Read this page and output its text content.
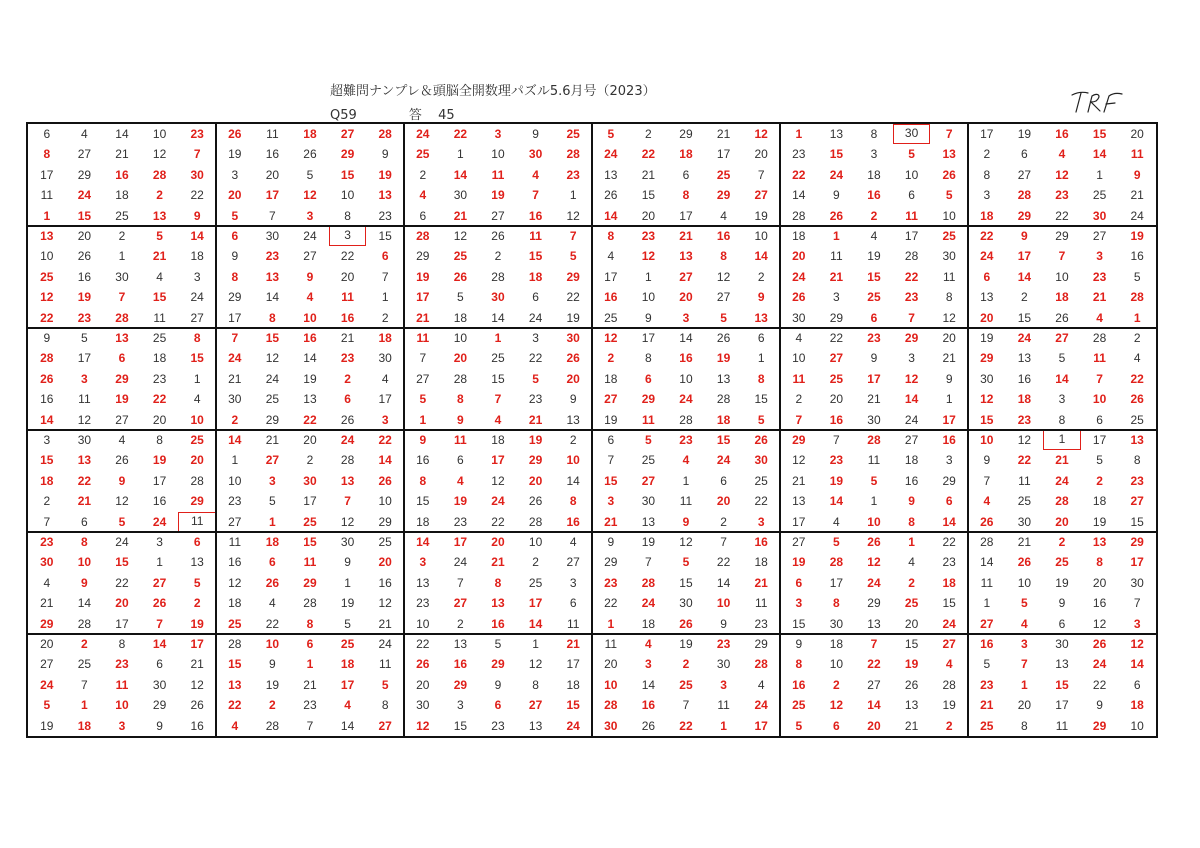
超難問ナンプレ＆頭脳全開数理パズル5.6月号（2023）
Q59	答 45
6	4	14	10	23	26	11	18	27	28	24	22	3	9	25	5	2	29	21	12	1	13	8	30	7	17	19	16	15	20
8	27	21	12	7	19	16	26	29	9	25	1	10	30	28	24	22	18	17	20	23	15	3	5	13	2	6	4	14	11
17	29	16	28	30	3	20	5	15	19	2	14	11	4	23	13	21	6	25	7	22	24	18	10	26	8	27	12	1	9
11	24	18	2	22	20	17	12	10	13	4	30	19	7	1	26	15	8	29	27	14	9	16	6	5	3	28	23	25	21
1	15	25	13	9	5	7	3	8	23	6	21	27	16	12	14	20	17	4	19	28	26	2	11	10	18	29	22	30	24
13	20	2	5	14	6	30	24	3	15	28	12	26	11	7	8	23	21	16	10	18	1	4	17	25	22	9	29	27	19
10	26	1	21	18	9	23	27	22	6	29	25	2	15	5	4	12	13	8	14	20	11	19	28	30	24	17	7	3	16
25	16	30	4	3	8	13	9	20	7	19	26	28	18	29	17	1	27	12	2	24	21	15	22	11	6	14	10	23	5
12	19	7	15	24	29	14	4	11	1	17	5	30	6	22	16	10	20	27	9	26	3	25	23	8	13	2	18	21	28
22	23	28	11	27	17	8	10	16	2	21	18	14	24	19	25	9	3	5	13	30	29	6	7	12	20	15	26	4	1
9	5	13	25	8	7	15	16	21	18	11	10	1	3	30	12	17	14	26	6	4	22	23	29	20	19	24	27	28	2
28	17	6	18	15	24	12	14	23	30	7	20	25	22	26	2	8	16	19	1	10	27	9	3	21	29	13	5	11	4
26	3	29	23	1	21	24	19	2	4	27	28	15	5	20	18	6	10	13	8	11	25	17	12	9	30	16	14	7	22
16	11	19	22	4	30	25	13	6	17	5	8	7	23	9	27	29	24	28	15	2	20	21	14	1	12	18	3	10	26
14	12	27	20	10	2	29	22	26	3	1	9	4	21	13	19	11	28	18	5	7	16	30	24	17	15	23	8	6	25
3	30	4	8	25	14	21	20	24	22	9	11	18	19	2	6	5	23	15	26	29	7	28	27	16	10	12	1	17	13
15	13	26	19	20	1	27	2	28	14	16	6	17	29	10	7	25	4	24	30	12	23	11	18	3	9	22	21	5	8
18	22	9	17	28	10	3	30	13	26	8	4	12	20	14	15	27	1	6	25	21	19	5	16	29	7	11	24	2	23
2	21	12	16	29	23	5	17	7	10	15	19	24	26	8	3	30	11	20	22	13	14	1	9	6	4	25	28	18	27
7	6	5	24	11	27	1	25	12	29	18	23	22	28	16	21	13	9	2	3	17	4	10	8	14	26	30	20	19	15
23	8	24	3	6	11	18	15	30	25	14	17	20	10	4	9	19	12	7	16	27	5	26	1	22	28	21	2	13	29
30	10	15	1	13	16	6	11	9	20	3	24	21	2	27	29	7	5	22	18	19	28	12	4	23	14	26	25	8	17
4	9	22	27	5	12	26	29	1	16	13	7	8	25	3	23	28	15	14	21	6	17	24	2	18	11	10	19	20	30
21	14	20	26	2	18	4	28	19	12	23	27	13	17	6	22	24	30	10	11	3	8	29	25	15	1	5	9	16	7
29	28	17	7	19	25	22	8	5	21	10	2	16	14	11	1	18	26	9	23	15	30	13	20	24	27	4	6	12	3
20	2	8	14	17	28	10	6	25	24	22	13	5	1	21	11	4	19	23	29	9	18	7	15	27	16	3	30	26	12
27	25	23	6	21	15	9	1	18	11	26	16	29	12	17	20	3	2	30	28	8	10	22	19	4	5	7	13	24	14
24	7	11	30	12	13	19	21	17	5	20	29	9	8	18	10	14	25	3	4	16	2	27	26	28	23	1	15	22	6
5	1	10	29	26	22	2	23	4	8	30	3	6	27	15	28	16	7	11	24	25	12	14	13	19	21	20	17	9	18
19	18	3	9	16	4	28	7	14	27	12	15	23	13	24	30	26	22	1	17	5	6	20	21	2	25	8	11	29	10
